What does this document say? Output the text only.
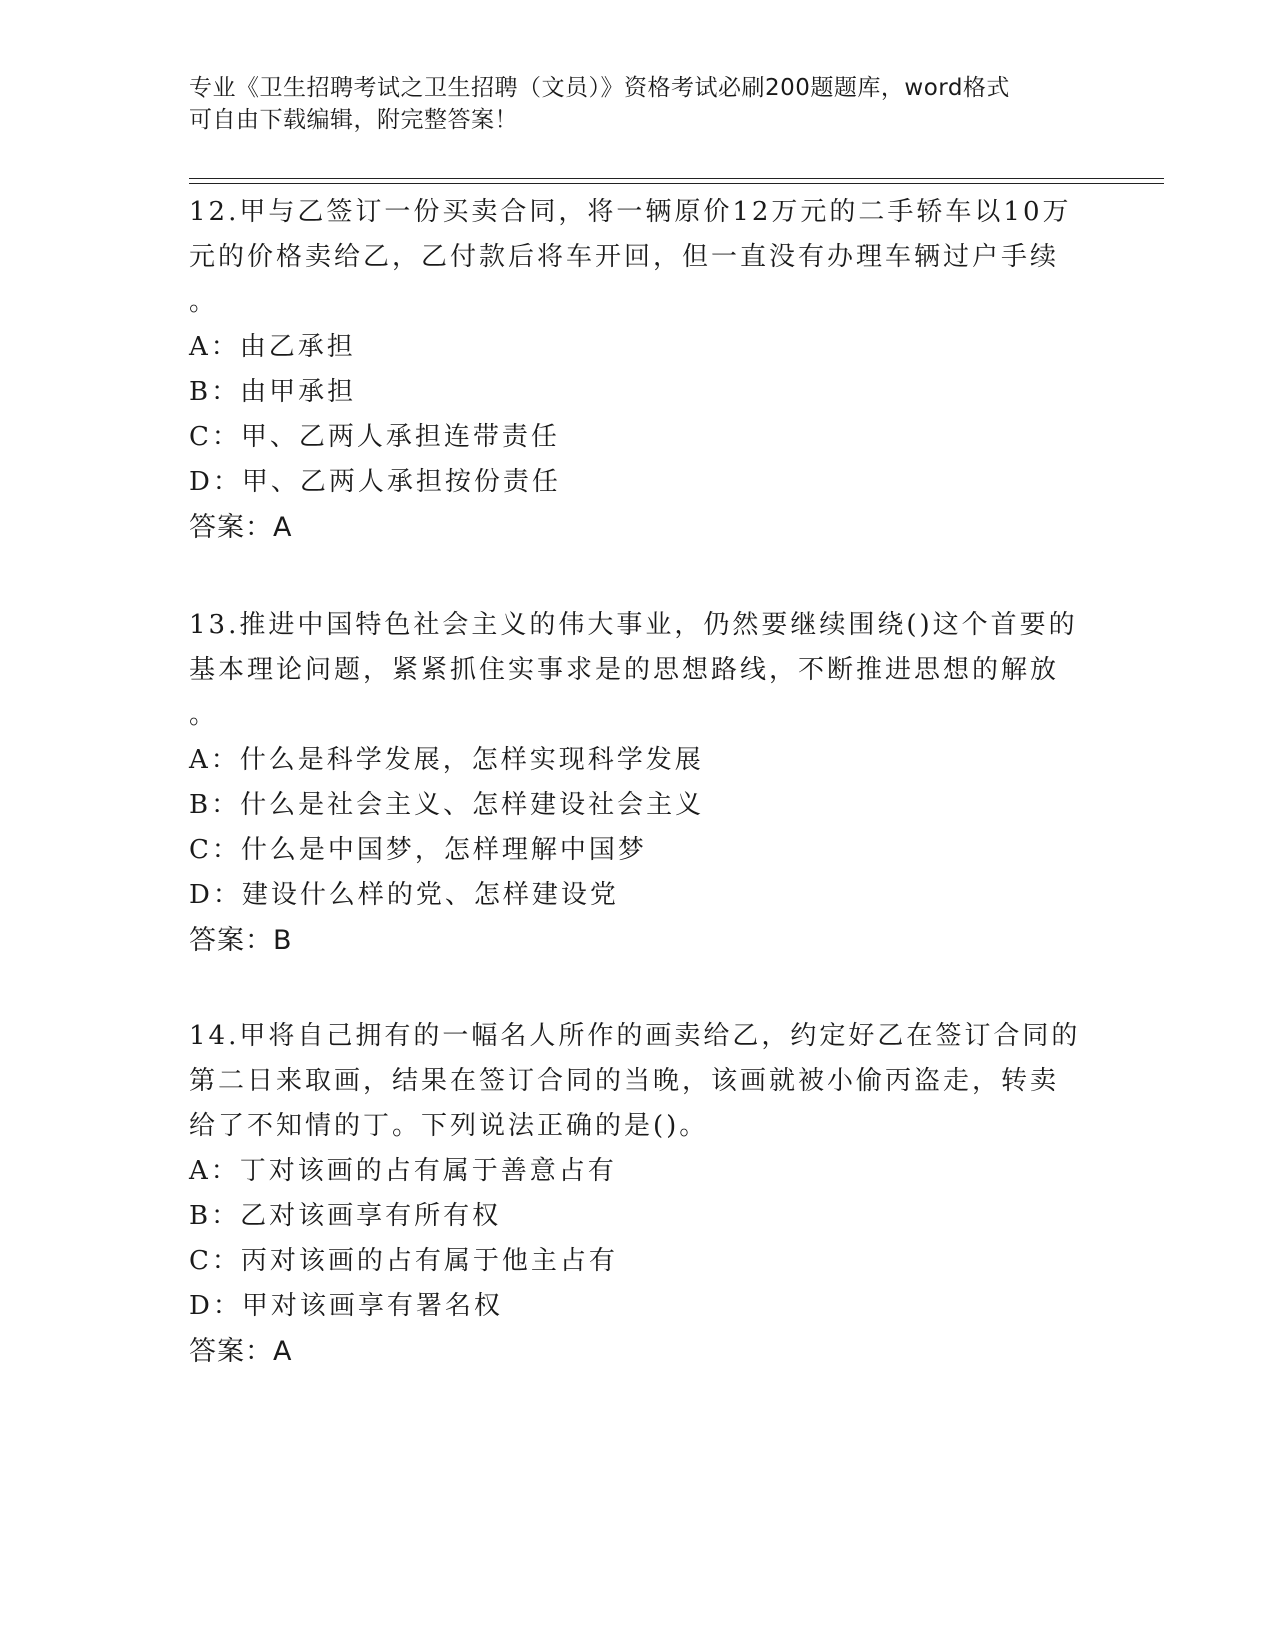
专业《卫生招聘考试之卫生招聘（文员）》资格考试必刷200题题库，word格式
可自由下载编辑，附完整答案！
12.甲与乙签订一份买卖合同，将一辆原价12万元的二手轿车以10万
元的价格卖给乙，乙付款后将车开回，但一直没有办理车辆过户手续
。
A：由乙承担
B：由甲承担
C：甲、乙两人承担连带责任
D：甲、乙两人承担按份责任
答案：A
13.推进中国特色社会主义的伟大事业，仍然要继续围绕()这个首要的
基本理论问题，紧紧抓住实事求是的思想路线，不断推进思想的解放
。
A：什么是科学发展，怎样实现科学发展
B：什么是社会主义、怎样建设社会主义
C：什么是中国梦，怎样理解中国梦
D：建设什么样的党、怎样建设党
答案：B
14.甲将自己拥有的一幅名人所作的画卖给乙，约定好乙在签订合同的
第二日来取画，结果在签订合同的当晚，该画就被小偷丙盗走，转卖
给了不知情的丁。下列说法正确的是()。
A：丁对该画的占有属于善意占有
B：乙对该画享有所有权
C：丙对该画的占有属于他主占有
D：甲对该画享有署名权
答案：A
